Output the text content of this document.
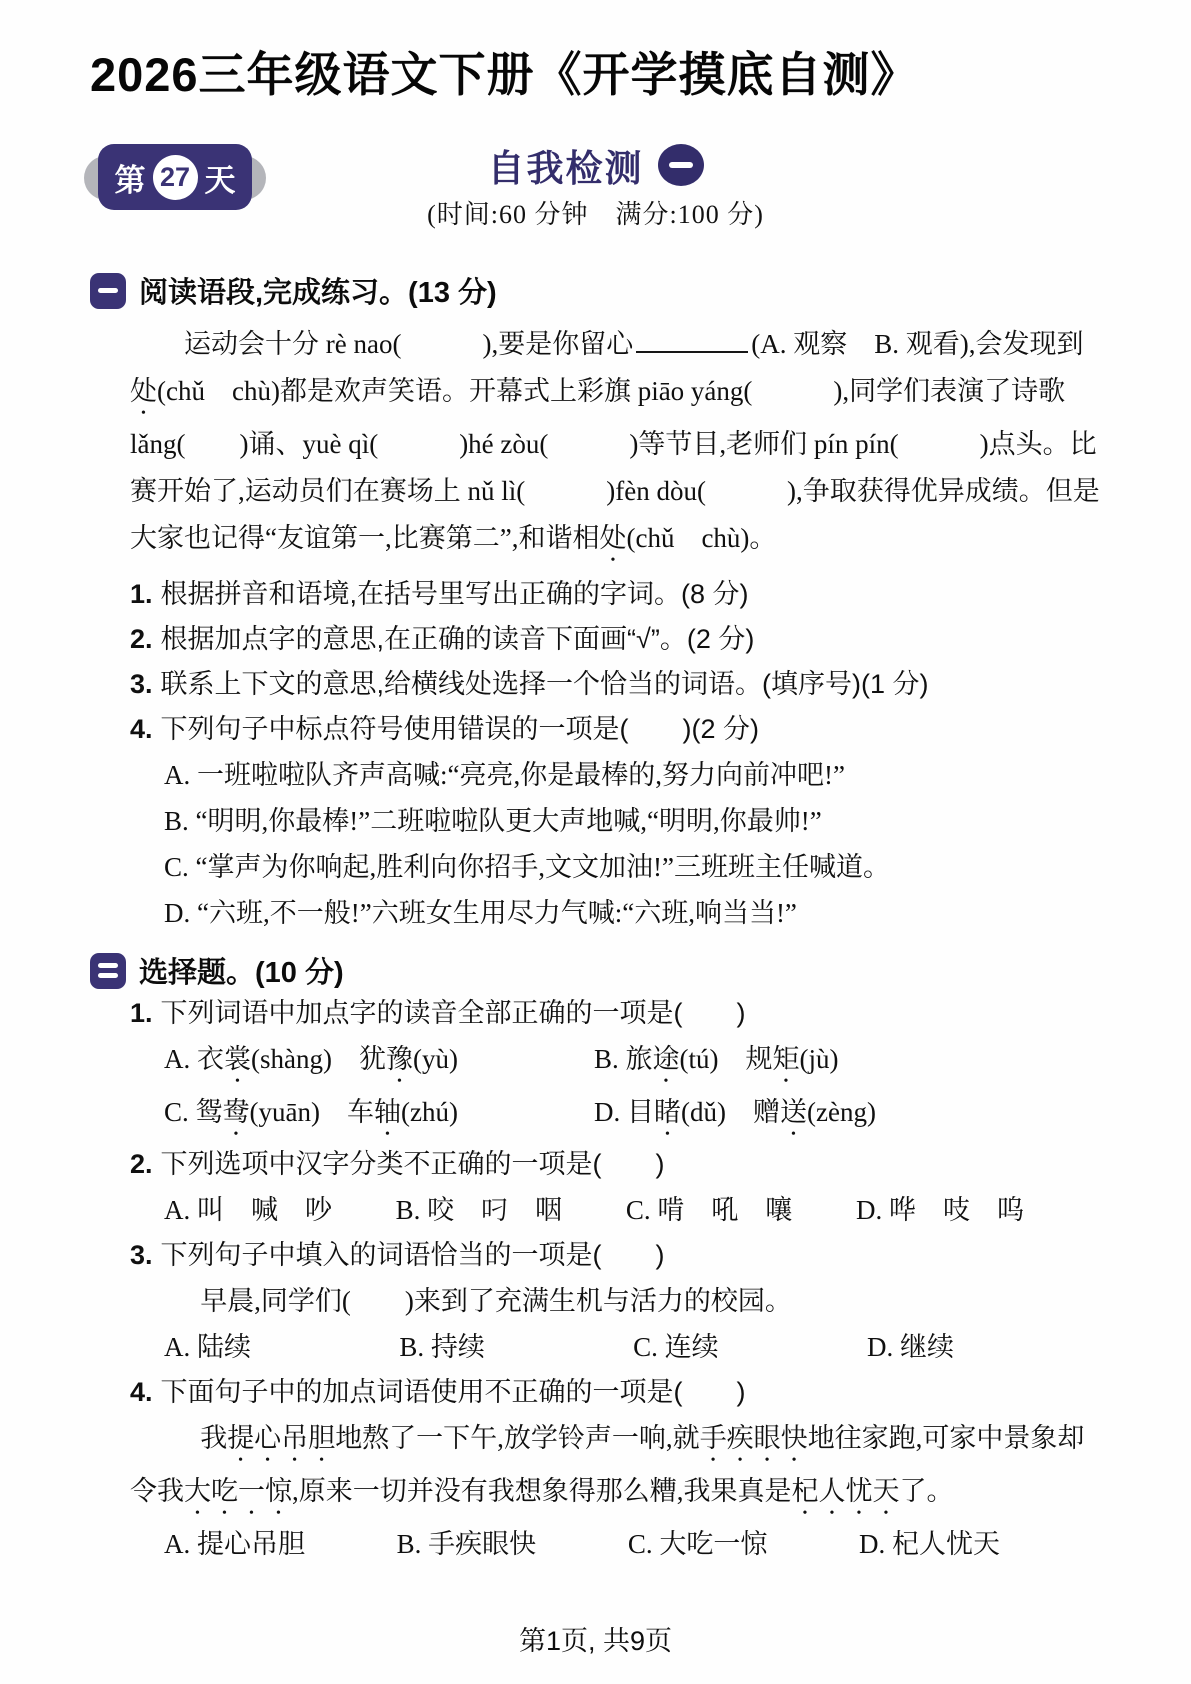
2026三年级语文下册《开学摸底自测》
第 27 天	自我检测
(时间:60 分钟　满分:100 分)
阅读语段,完成练习。(13 分)
运动会十分 rè nao(　　　),要是你留心	(A. 观察　B. 观看),会发现到处(chǔ　chù)都是欢声笑语。开幕式上彩旗 piāo yáng(　　　),同学们表演了诗歌 lǎng(　　)诵、yuè qì(　　　)hé zòu(　　　)等节目,老师们 pín pín(　　　)点头。比赛开始了,运动员们在赛场上 nǔ lì(　　　)fèn dòu(　　　),争取获得优异成绩。但是大家也记得“友谊第一,比赛第二”,和谐相处(chǔ　chù)。
1. 根据拼音和语境,在括号里写出正确的字词。(8 分)
2. 根据加点字的意思,在正确的读音下面画“√”。(2 分)
3. 联系上下文的意思,给横线处选择一个恰当的词语。(填序号)(1 分)
4. 下列句子中标点符号使用错误的一项是(　　)(2 分)
A. 一班啦啦队齐声高喊:“亮亮,你是最棒的,努力向前冲吧!”
B. “明明,你最棒!”二班啦啦队更大声地喊,“明明,你最帅!”
C. “掌声为你响起,胜利向你招手,文文加油!”三班班主任喊道。
D. “六班,不一般!”六班女生用尽力气喊:“六班,响当当!”
选择题。(10 分)
1. 下列词语中加点字的读音全部正确的一项是(　　)
A. 衣裳(shàng)　犹豫(yù)	B. 旅途(tú)　规矩(jù)
C. 鸳鸯(yuān)　车轴(zhú)	D. 目睹(dǔ)　赠送(zèng)
2. 下列选项中汉字分类不正确的一项是(　　)
A. 叫　喊　吵 B. 咬　叼　咽 C. 啃　吼　嚷 D. 哗　吱　呜
3. 下列句子中填入的词语恰当的一项是(　　)
早晨,同学们(　　)来到了充满生机与活力的校园。
A. 陆续	B. 持续	C. 连续	D. 继续
4. 下面句子中的加点词语使用不正确的一项是(　　)
我提心吊胆地熬了一下午,放学铃声一响,就手疾眼快地往家跑,可家中景象却令我大吃一惊,原来一切并没有我想象得那么糟,我果真是杞人忧天了。
A. 提心吊胆	B. 手疾眼快	C. 大吃一惊	D. 杞人忧天
第1页, 共9页
